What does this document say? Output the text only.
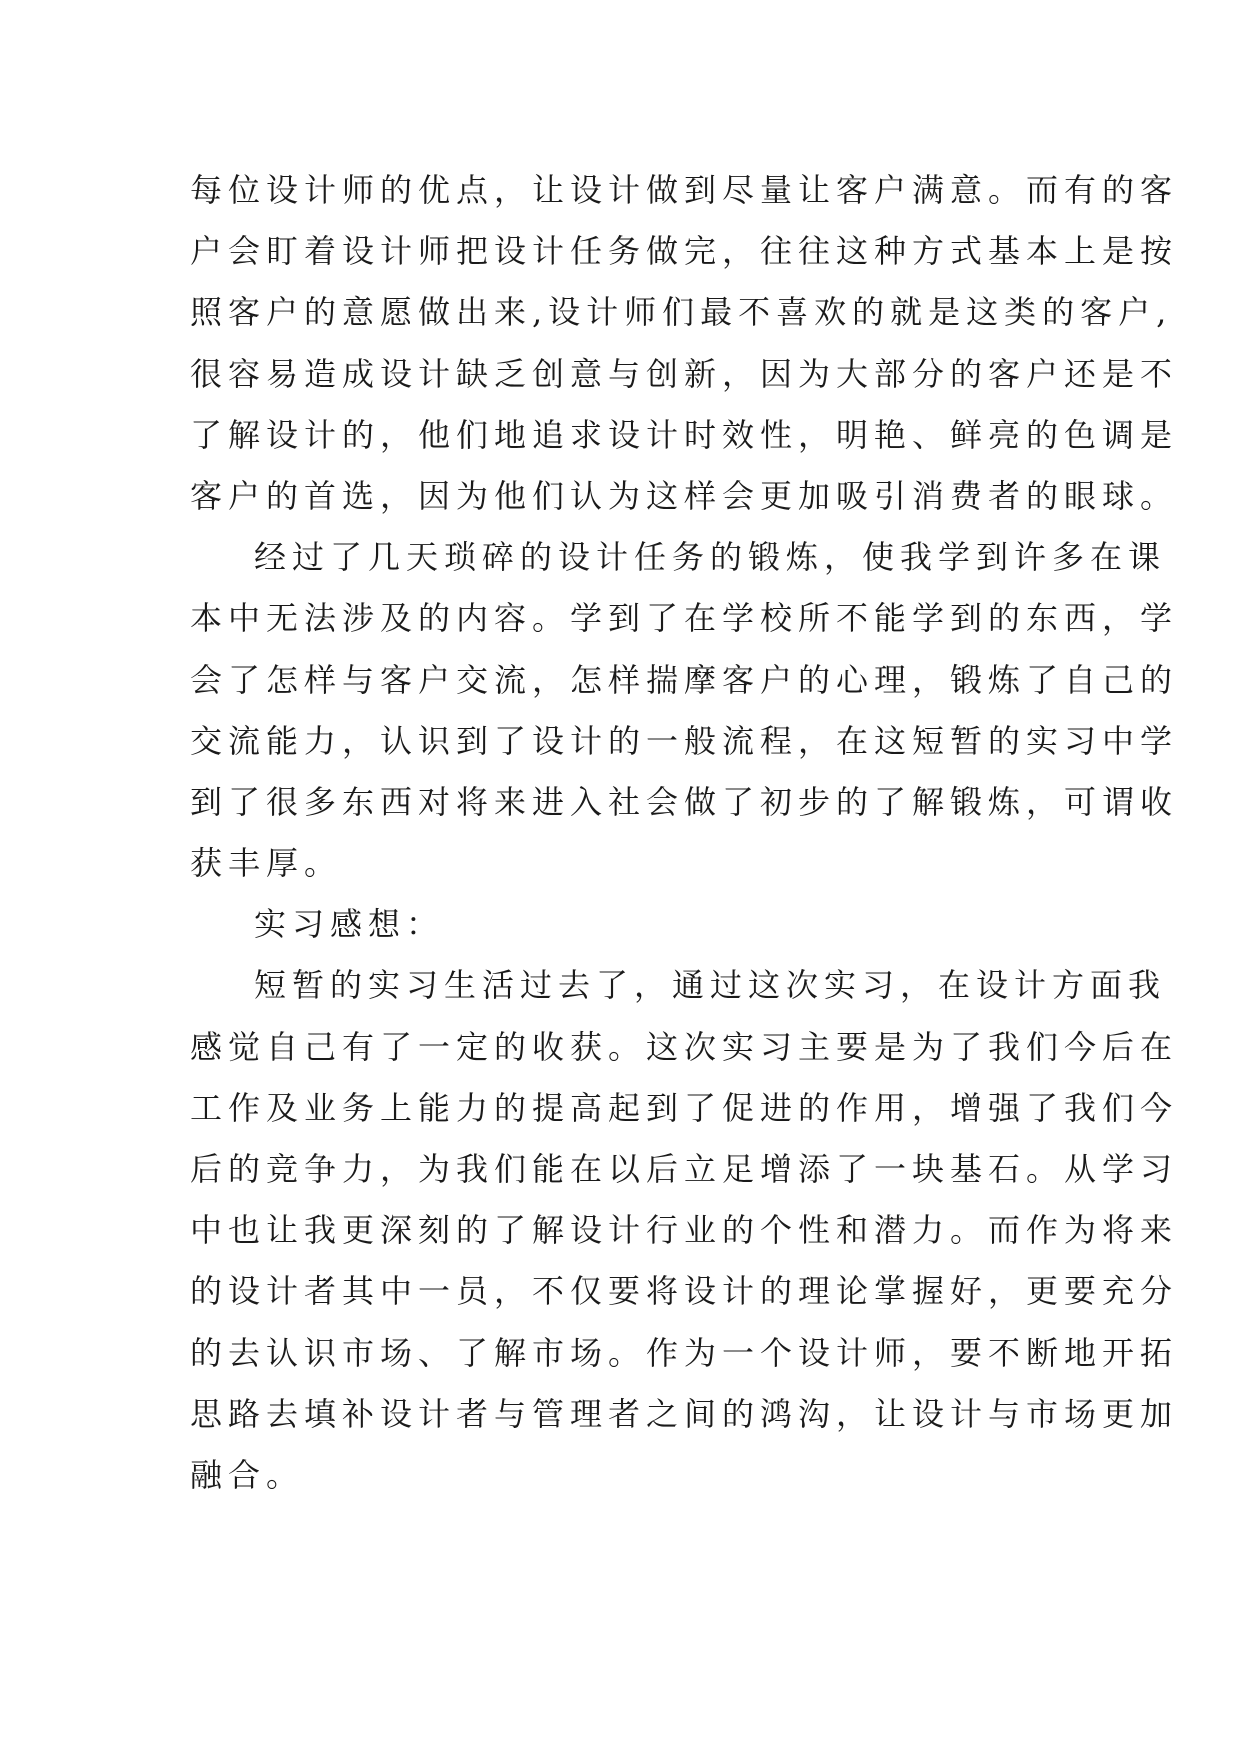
每位设计师的优点，让设计做到尽量让客户满意。而有的客
户会盯着设计师把设计任务做完，往往这种方式基本上是按
照客户的意愿做出来,设计师们最不喜欢的就是这类的客户,
很容易造成设计缺乏创意与创新，因为大部分的客户还是不
了解设计的，他们地追求设计时效性，明艳、鲜亮的色调是
客户的首选，因为他们认为这样会更加吸引消费者的眼球。
经过了几天琐碎的设计任务的锻炼，使我学到许多在课
本中无法涉及的内容。学到了在学校所不能学到的东西，学
会了怎样与客户交流，怎样揣摩客户的心理，锻炼了自己的
交流能力，认识到了设计的一般流程，在这短暂的实习中学
到了很多东西对将来进入社会做了初步的了解锻炼，可谓收
获丰厚。
实习感想：
短暂的实习生活过去了，通过这次实习，在设计方面我
感觉自己有了一定的收获。这次实习主要是为了我们今后在
工作及业务上能力的提高起到了促进的作用，增强了我们今
后的竞争力，为我们能在以后立足增添了一块基石。从学习
中也让我更深刻的了解设计行业的个性和潜力。而作为将来
的设计者其中一员，不仅要将设计的理论掌握好，更要充分
的去认识市场、了解市场。作为一个设计师，要不断地开拓
思路去填补设计者与管理者之间的鸿沟，让设计与市场更加
融合。
